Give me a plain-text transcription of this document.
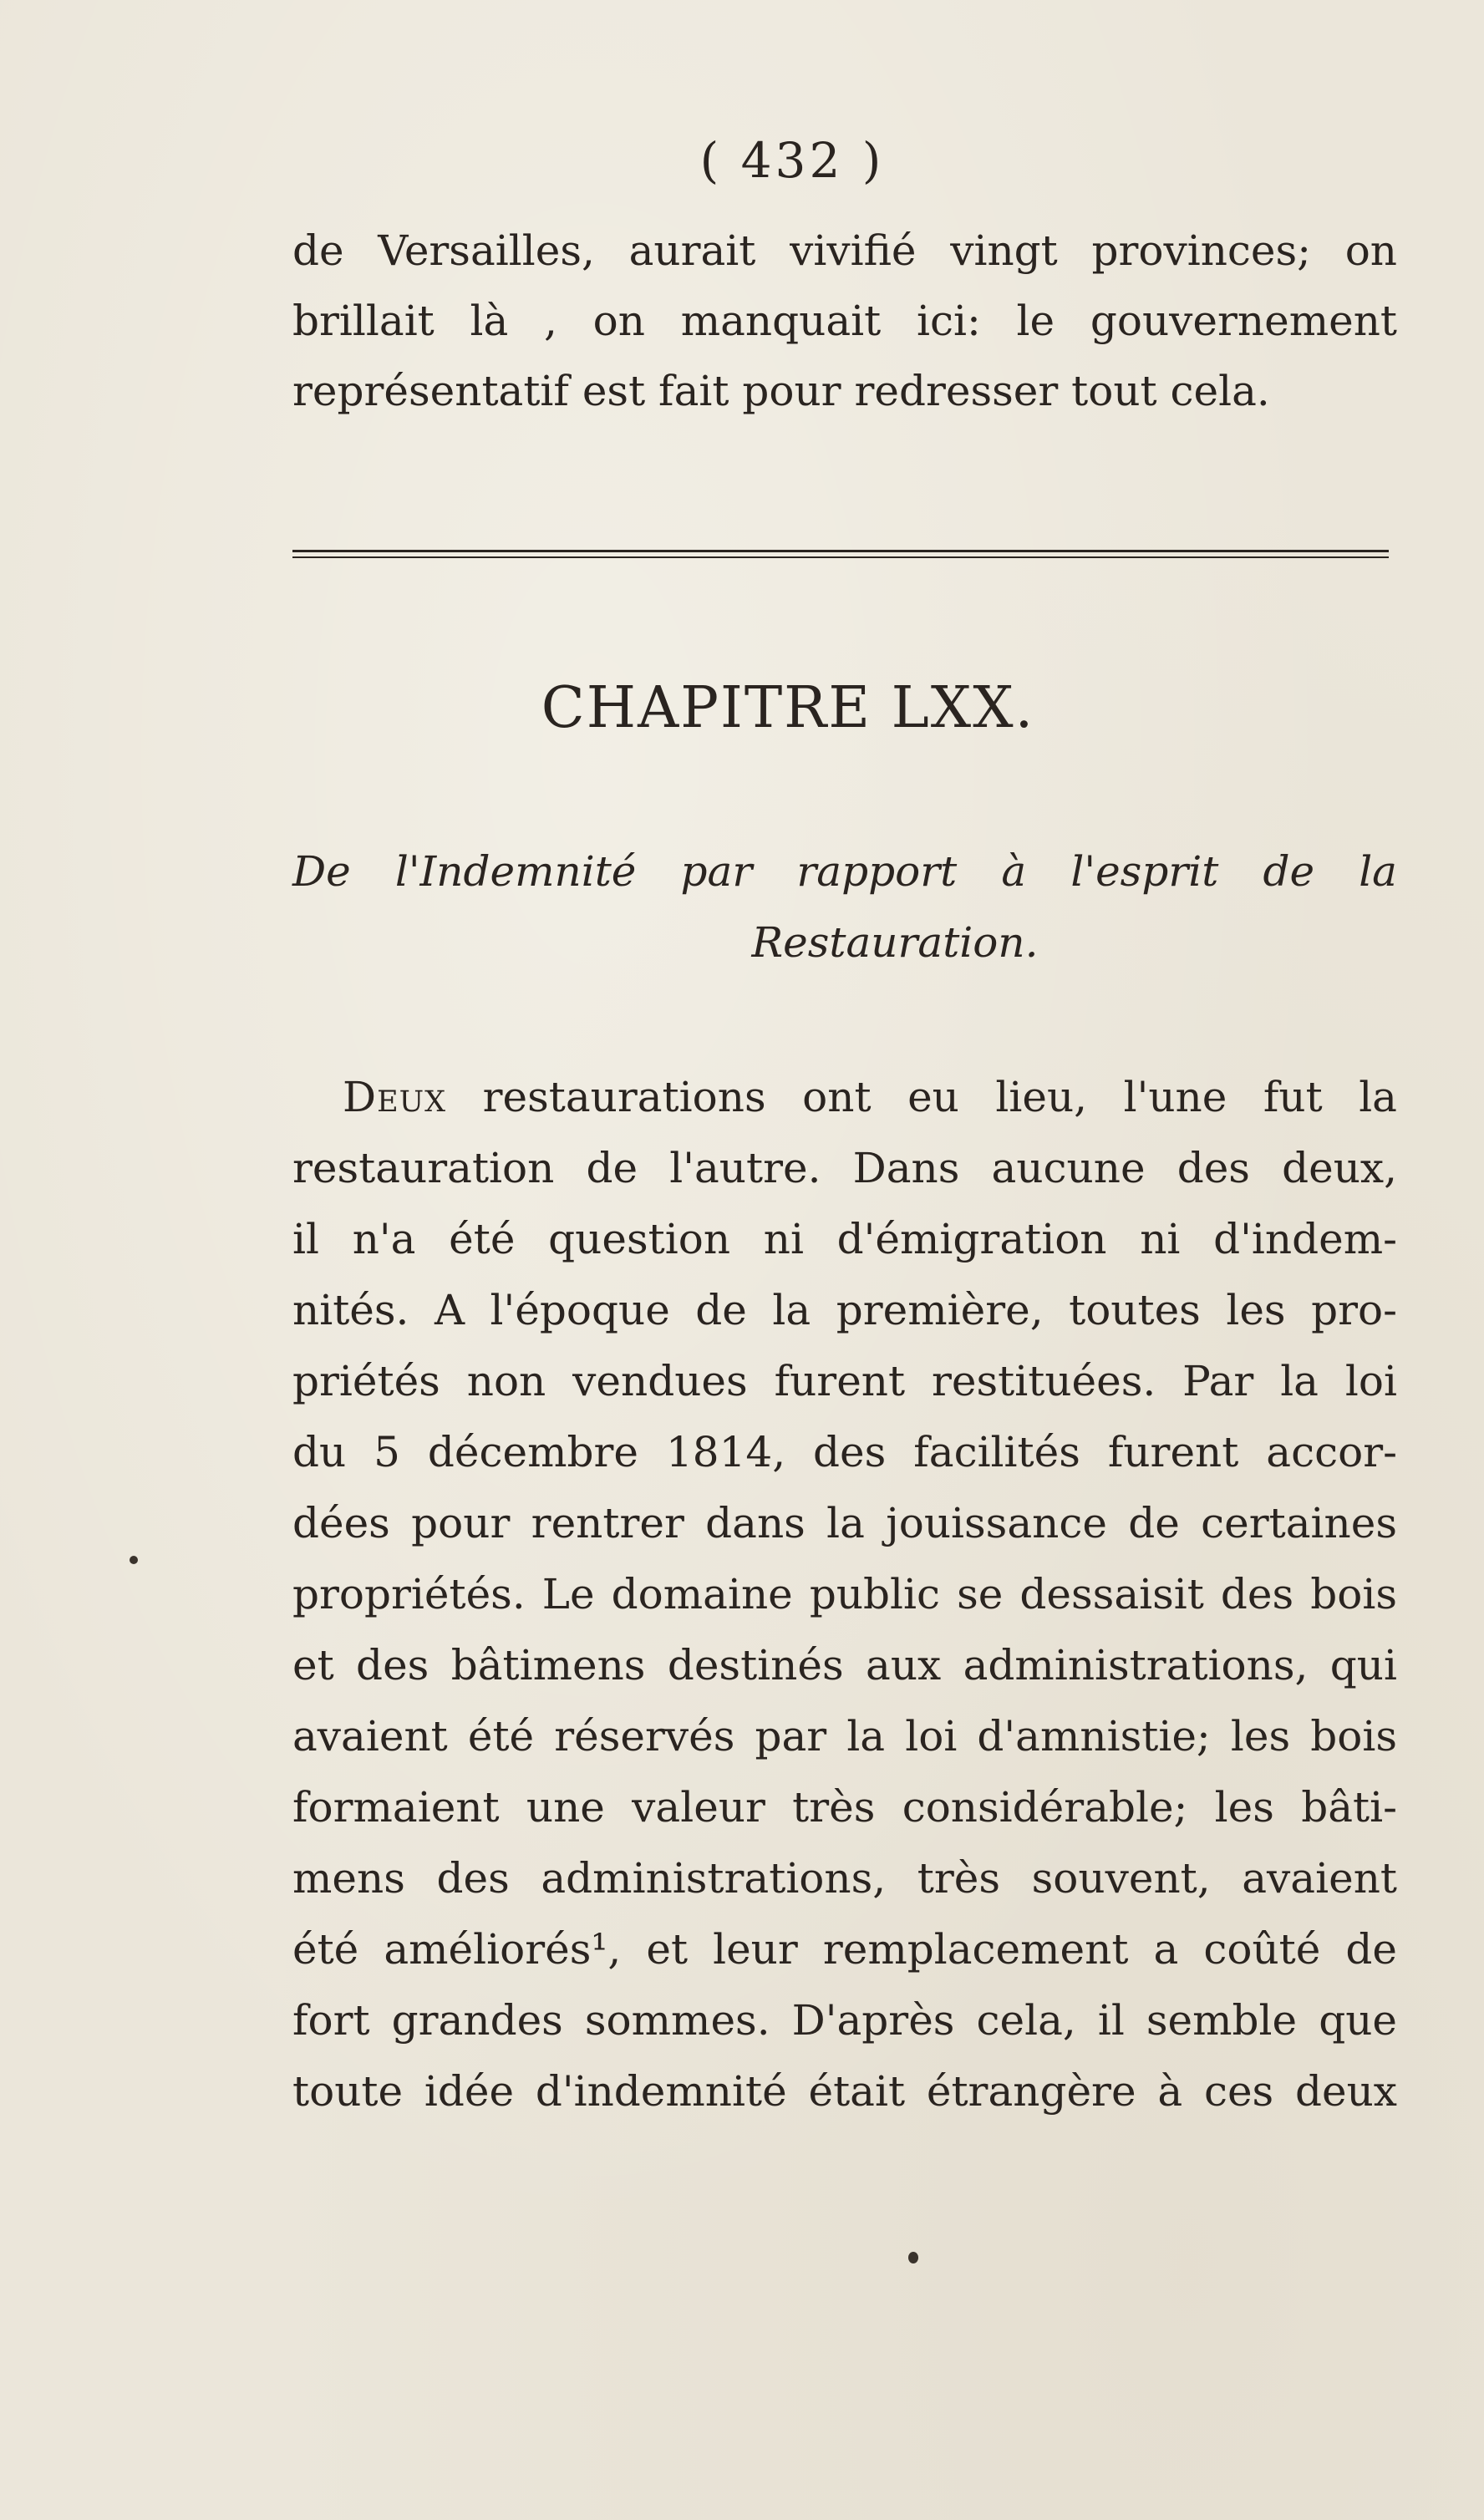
( 432 )
de Versailles, aurait vivifié vingt provinces; on
brillait là , on manquait ici: le gouvernement
représentatif est fait pour redresser tout cela.
CHAPITRE LXX.
De l'Indemnité par rapport à l'esprit de la
Restauration.
Deux restaurations ont eu lieu, l'une fut la
restauration de l'autre. Dans aucune des deux,
il n'a été question ni d'émigration ni d'indem-
nités. A l'époque de la première, toutes les pro-
priétés non vendues furent restituées. Par la loi
du 5 décembre 1814, des facilités furent accor-
dées pour rentrer dans la jouissance de certaines
propriétés. Le domaine public se dessaisit des bois
et des bâtimens destinés aux administrations, qui
avaient été réservés par la loi d'amnistie; les bois
formaient une valeur très considérable; les bâti-
mens des administrations, très souvent, avaient
été améliorés¹, et leur remplacement a coûté de
fort grandes sommes. D'après cela, il semble que
toute idée d'indemnité était étrangère à ces deux
